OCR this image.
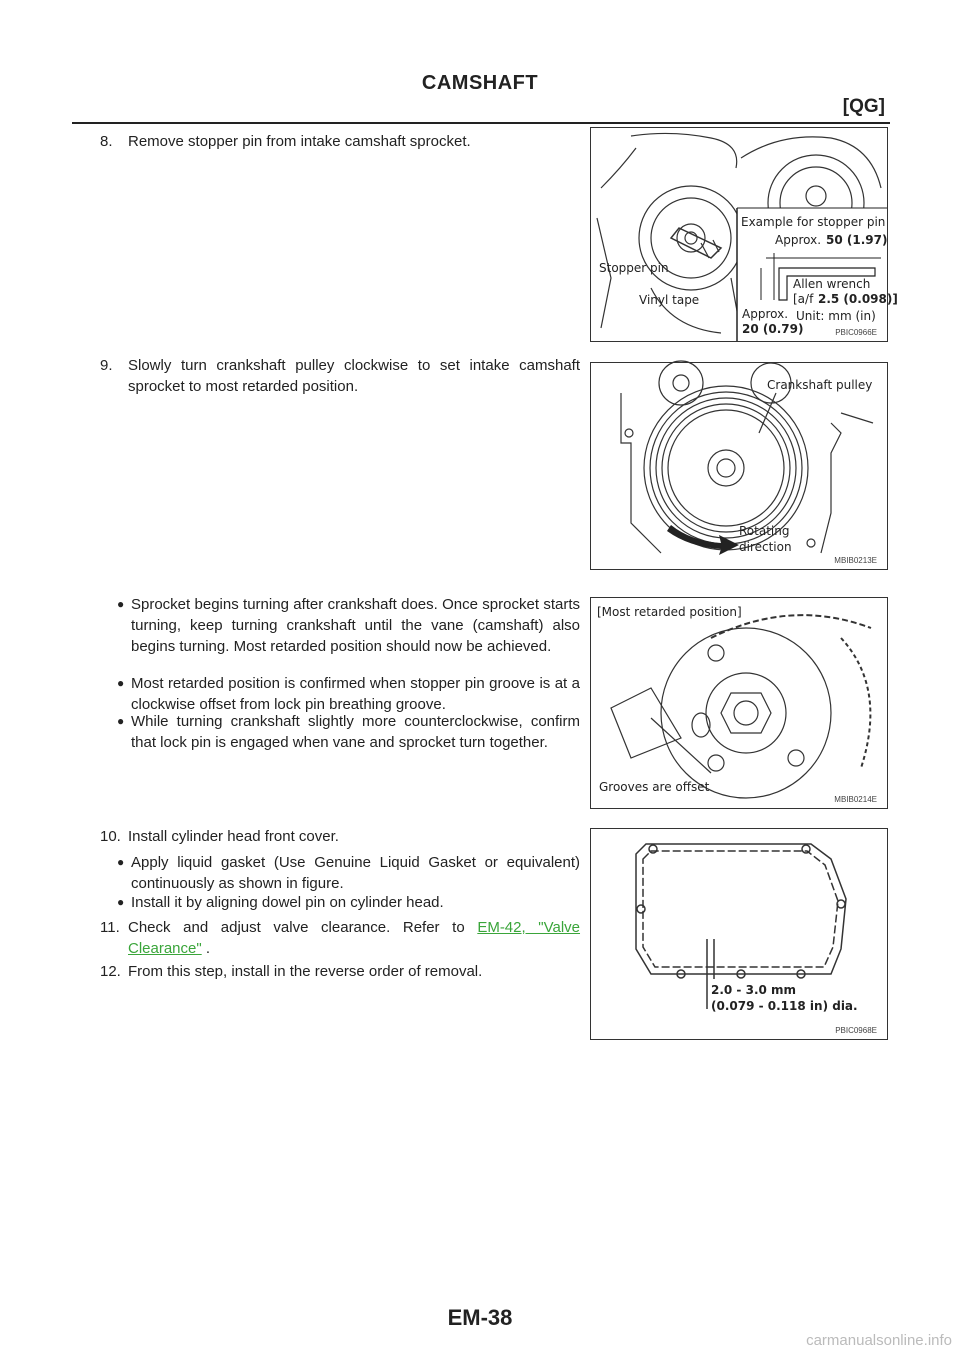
CAMSHAFT
[QG]
8. Remove stopper pin from intake camshaft sprocket.
Example for stopper pin
Approx. 50 (1.97)
Allen wrench
[a/f 2.5 (0.098)]
Approx.
20 (0.79)
Unit: mm (in)
Stopper pin
Vinyl tape
PBIC0966E
9. Slowly turn crankshaft pulley clockwise to set intake camshaft sprocket to most retarded position.	Crankshaft pulley
Rotating
direction
MBIB0213E
● Sprocket begins turning after crankshaft does. Once sprocket starts turning, keep turning crankshaft until the vane (camshaft) also begins turning. Most retarded position should now be achieved.
● Most retarded position is confirmed when stopper pin groove is at a clockwise offset from lock pin breathing groove.
● While turning crankshaft slightly more counterclockwise, confirm that lock pin is engaged when vane and sprocket turn together.
[Most retarded position]
Grooves are offset
MBIB0214E
10. Install cylinder head front cover.
● Apply liquid gasket (Use Genuine Liquid Gasket or equivalent) continuously as shown in figure.
● Install it by aligning dowel pin on cylinder head.
11. Check and adjust valve clearance. Refer to EM-42, "Valve Clearance" .
12. From this step, install in the reverse order of removal.
2.0 - 3.0 mm
(0.079 - 0.118 in) dia.
PBIC0968E
EM-38
carmanualsonline.info
